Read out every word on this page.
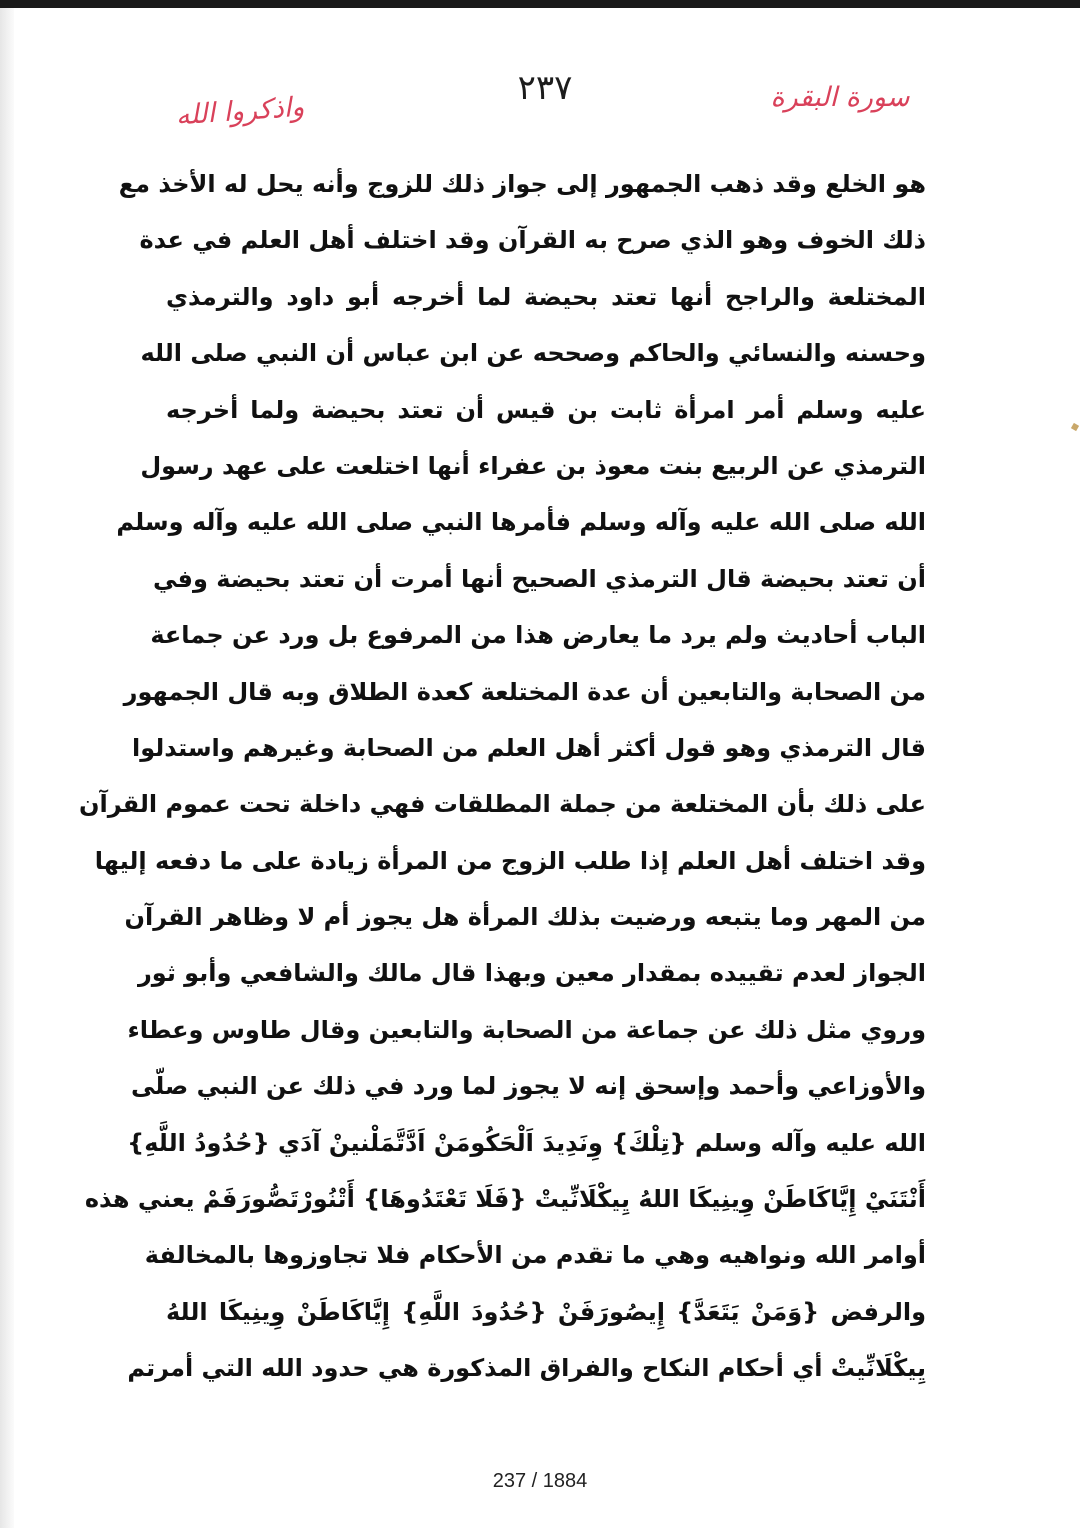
٢٣٧	سورة البقرة
واذكروا الله
هو الخلع وقد ذهب الجمهور إلى جواز ذلك للزوج وأنه يحل له الأخذ مع
ذلك الخوف وهو الذي صرح به القرآن وقد اختلف أهل العلم في عدة
المختلعة والراجح أنها تعتد بحيضة لما أخرجه أبو داود والترمذي
وحسنه والنسائي والحاكم وصححه عن ابن عباس أن النبي صلى الله
عليه وسلم أمر امرأة ثابت بن قيس أن تعتد بحيضة ولما أخرجه
الترمذي عن الربيع بنت معوذ بن عفراء أنها اختلعت على عهد رسول
الله صلى الله عليه وآله وسلم فأمرها النبي صلى الله عليه وآله وسلم
أن تعتد بحيضة قال الترمذي الصحيح أنها أمرت أن تعتد بحيضة وفي
الباب أحاديث ولم يرد ما يعارض هذا من المرفوع بل ورد عن جماعة
من الصحابة والتابعين أن عدة المختلعة كعدة الطلاق وبه قال الجمهور
قال الترمذي وهو قول أكثر أهل العلم من الصحابة وغيرهم واستدلوا
على ذلك بأن المختلعة من جملة المطلقات فهي داخلة تحت عموم القرآن
وقد اختلف أهل العلم إذا طلب الزوج من المرأة زيادة على ما دفعه إليها
من المهر وما يتبعه ورضيت بذلك المرأة هل يجوز أم لا وظاهر القرآن
الجواز لعدم تقييده بمقدار معين وبهذا قال مالك والشافعي وأبو ثور
وروي مثل ذلك عن جماعة من الصحابة والتابعين وقال طاوس وعطاء
والأوزاعي وأحمد وإسحق إنه لا يجوز لما ورد في ذلك عن النبي صلّى
الله عليه وآله وسلم {تِلْكَ} وِنَدِيدَ اَلْحَكُومَنْ اَدَّتَّمَلْنينْ آدَي {حُدُودُ اللَّهِ}
أَنْتَنَيْ إِيَّاكَاطَنْ وِينِيكَا اللهُ يِيكْلَانِّيتْ {فَلَا تَعْتَدُوهَا} أَتْنُورْتَصُّورَفَمْ يعني هذه
أوامر الله ونواهيه وهي ما تقدم من الأحكام فلا تجاوزوها بالمخالفة
والرفض {وَمَنْ يَتَعَدَّ} إِيصُورَفَنْ {حُدُودَ اللَّهِ} إِيَّاكَاطَنْ وِينِيكَا اللهُ
يِيكْلَانِّيتْ أي أحكام النكاح والفراق المذكورة هي حدود الله التي أمرتم
237 / 1884
